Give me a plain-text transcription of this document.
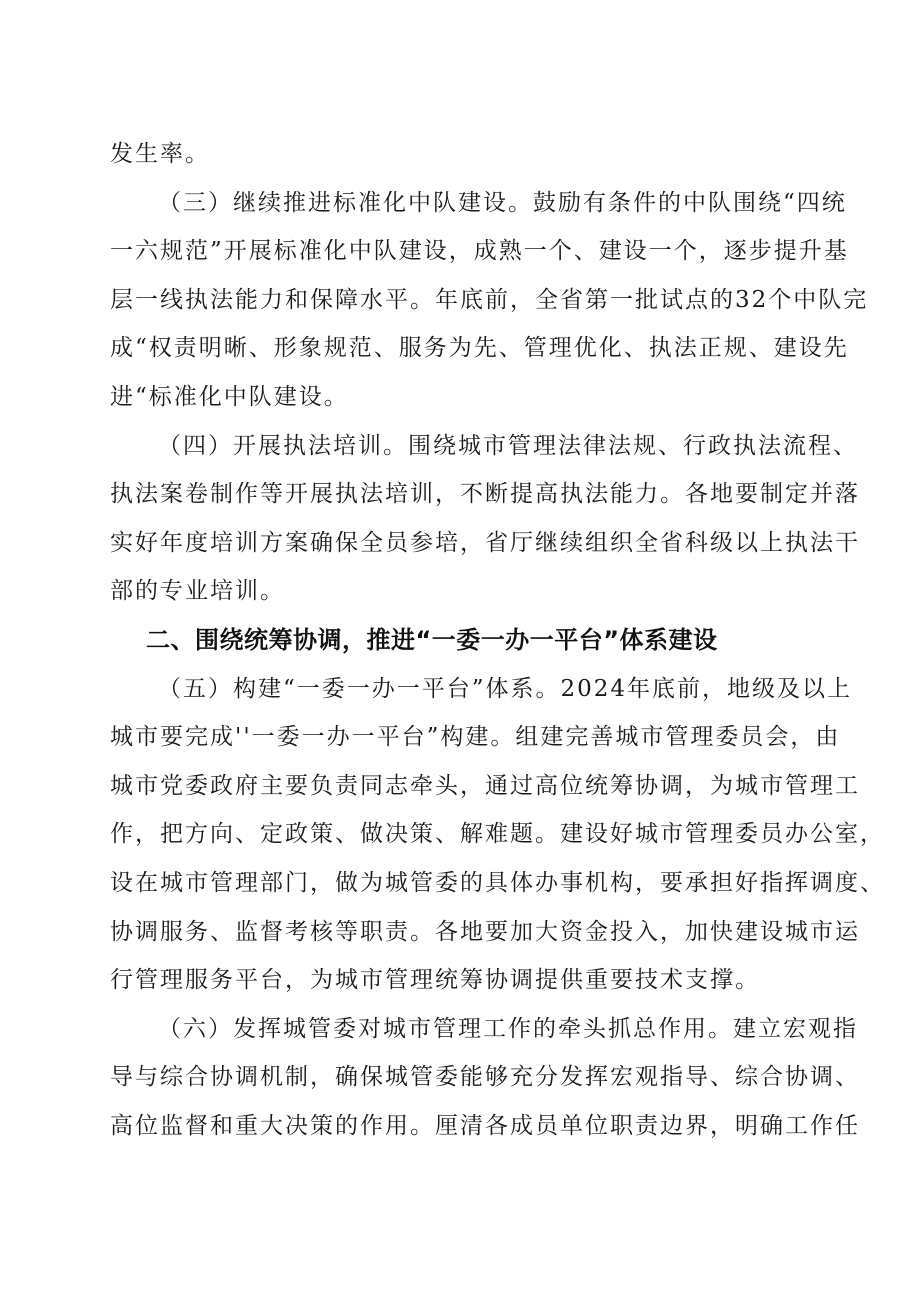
发生率。
（三）继续推进标准化中队建设。鼓励有条件的中队围绕“四统
一六规范”开展标准化中队建设，成熟一个、建设一个，逐步提升基
层一线执法能力和保障水平。年底前，全省第一批试点的32个中队完
成“权责明晰、形象规范、服务为先、管理优化、执法正规、建设先
进“标准化中队建设。
（四）开展执法培训。围绕城市管理法律法规、行政执法流程、
执法案卷制作等开展执法培训，不断提高执法能力。各地要制定并落
实好年度培训方案确保全员参培，省厅继续组织全省科级以上执法干
部的专业培训。
二、围绕统筹协调，推进“一委一办一平台”体系建设
（五）构建“一委一办一平台”体系。2024年底前，地级及以上
城市要完成''一委一办一平台”构建。组建完善城市管理委员会，由
城市党委政府主要负责同志牵头，通过高位统筹协调，为城市管理工
作，把方向、定政策、做决策、解难题。建设好城市管理委员办公室，
设在城市管理部门，做为城管委的具体办事机构，要承担好指挥调度、
协调服务、监督考核等职责。各地要加大资金投入，加快建设城市运
行管理服务平台，为城市管理统筹协调提供重要技术支撑。
（六）发挥城管委对城市管理工作的牵头抓总作用。建立宏观指
导与综合协调机制，确保城管委能够充分发挥宏观指导、综合协调、
高位监督和重大决策的作用。厘清各成员单位职责边界，明确工作任
